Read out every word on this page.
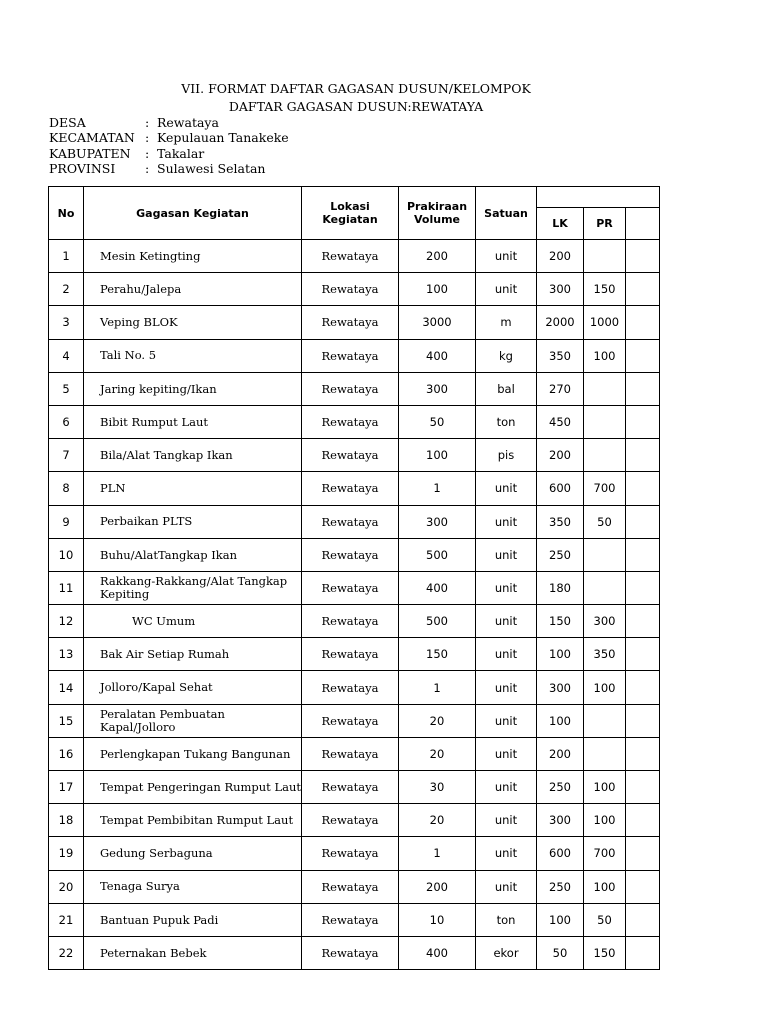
VII. FORMAT DAFTAR GAGASAN DUSUN/KELOMPOK
DAFTAR GAGASAN DUSUN:REWATAYA
DESA	: Rewataya
KECAMATAN : Kepulauan Tanakeke
KABUPATEN	: Takalar
PROVINSI	: Sulawesi Selatan
No	Gagasan Kegiatan	Lokasi Kegiatan	Prakiraan Volume	Satuan			
					LK	PR	
1	Mesin Ketingting	Rewataya	200	unit	200		
2	Perahu/Jalepa	Rewataya	100	unit	300	150	
3	Veping BLOK	Rewataya	3000	m	2000	1000	
4	Tali No. 5	Rewataya	400	kg	350	100	
5	Jaring kepiting/Ikan	Rewataya	300	bal	270		
6	Bibit Rumput Laut	Rewataya	50	ton	450		
7	Bila/Alat Tangkap Ikan	Rewataya	100	pis	200		
8	PLN	Rewataya	1	unit	600	700	
9	Perbaikan PLTS	Rewataya	300	unit	350	50	
10	Buhu/AlatTangkap Ikan	Rewataya	500	unit	250		
11	Rakkang-Rakkang/Alat Tangkap Kepiting	Rewataya	400	unit	180		
12	WC Umum	Rewataya	500	unit	150	300	
13	Bak Air Setiap Rumah	Rewataya	150	unit	100	350	
14	Jolloro/Kapal Sehat	Rewataya	1	unit	300	100	
15	Peralatan Pembuatan Kapal/Jolloro	Rewataya	20	unit	100		
16	Perlengkapan Tukang Bangunan	Rewataya	20	unit	200		
17	Tempat Pengeringan Rumput Laut	Rewataya	30	unit	250	100	
18	Tempat Pembibitan Rumput Laut	Rewataya	20	unit	300	100	
19	Gedung Serbaguna	Rewataya	1	unit	600	700	
20	Tenaga Surya	Rewataya	200	unit	250	100	
21	Bantuan Pupuk Padi	Rewataya	10	ton	100	50	
22	Peternakan Bebek	Rewataya	400	ekor	50	150	
